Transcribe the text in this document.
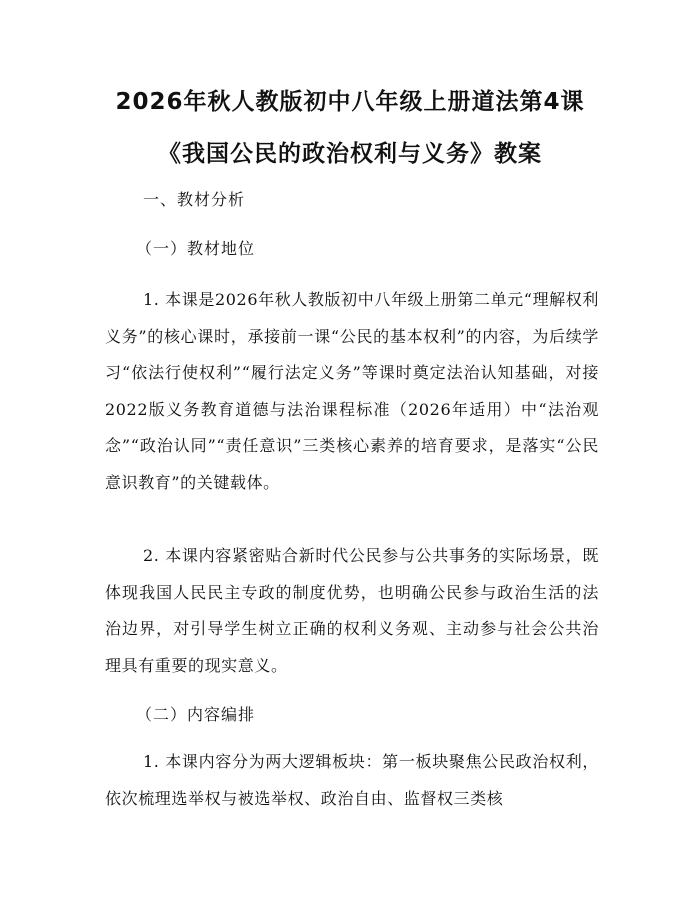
2026年秋人教版初中八年级上册道法第4课
《我国公民的政治权利与义务》教案
一、教材分析
（一）教材地位

1. 本课是2026年秋人教版初中八年级上册第二单元“理解权利义务”的核心课时，承接前一课“公民的基本权利”的内容，为后续学习“依法行使权利”“履行法定义务”等课时奠定法治认知基础，对接2022版义务教育道德与法治课程标准（2026年适用）中“法治观念”“政治认同”“责任意识”三类核心素养的培育要求，是落实“公民意识教育”的关键载体。

2. 本课内容紧密贴合新时代公民参与公共事务的实际场景，既体现我国人民民主专政的制度优势，也明确公民参与政治生活的法治边界，对引导学生树立正确的权利义务观、主动参与社会公共治理具有重要的现实意义。

（二）内容编排

1. 本课内容分为两大逻辑板块：第一板块聚焦公民政治权利，依次梳理选举权与被选举权、政治自由、监督权三类核
